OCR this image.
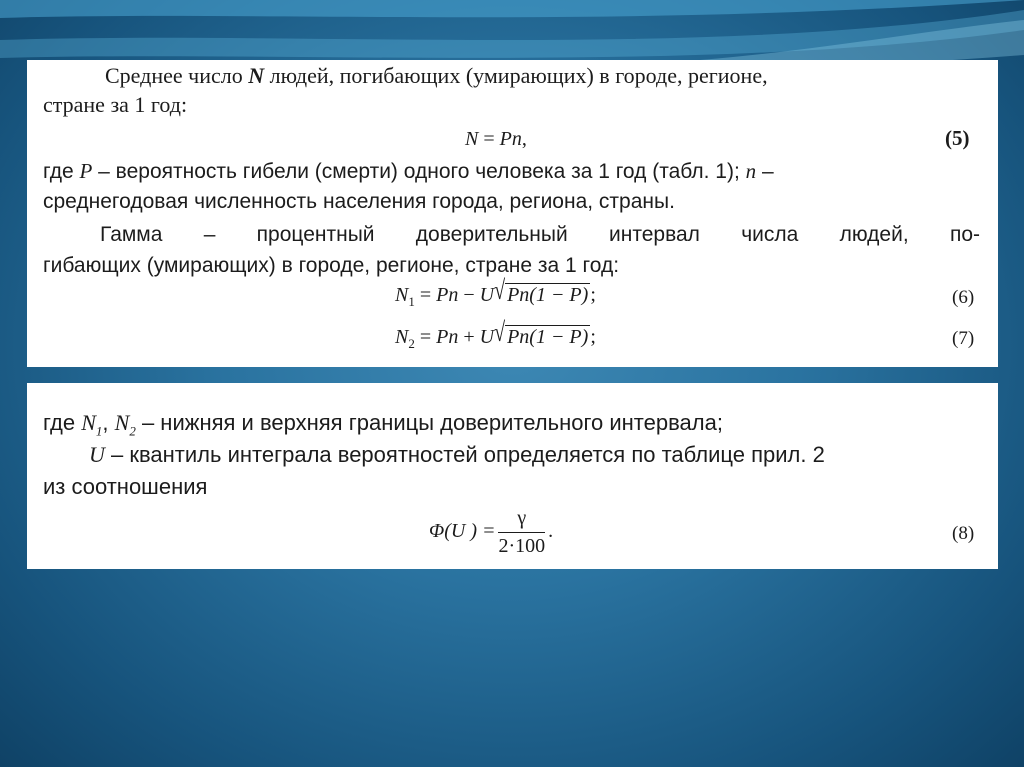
Среднее число N людей, погибающих (умирающих) в городе, регионе,
стране за 1 год:
N = Pn,	(5)
где P – вероятность гибели (смерти) одного человека за 1 год (табл. 1); n –
среднегодовая численность населения города, региона, страны.
Гамма – процентный доверительный интервал числа людей, по-
гибающих (умирающих) в городе, регионе, стране за 1 год:
$N_1 = Pn - U√$ Pn(1 − P) ;	(6)
$N_2 = Pn + U√$ Pn(1 − P) ;	(7)
где $N_1$, $N_2$ – нижняя и верхняя границы доверительного интервала;
U – квантиль интеграла вероятностей определяется по таблице прил. 2
из соотношения
Φ(U ) = $\frac{\gamma}{2\cdot 100}$ .	(8)
